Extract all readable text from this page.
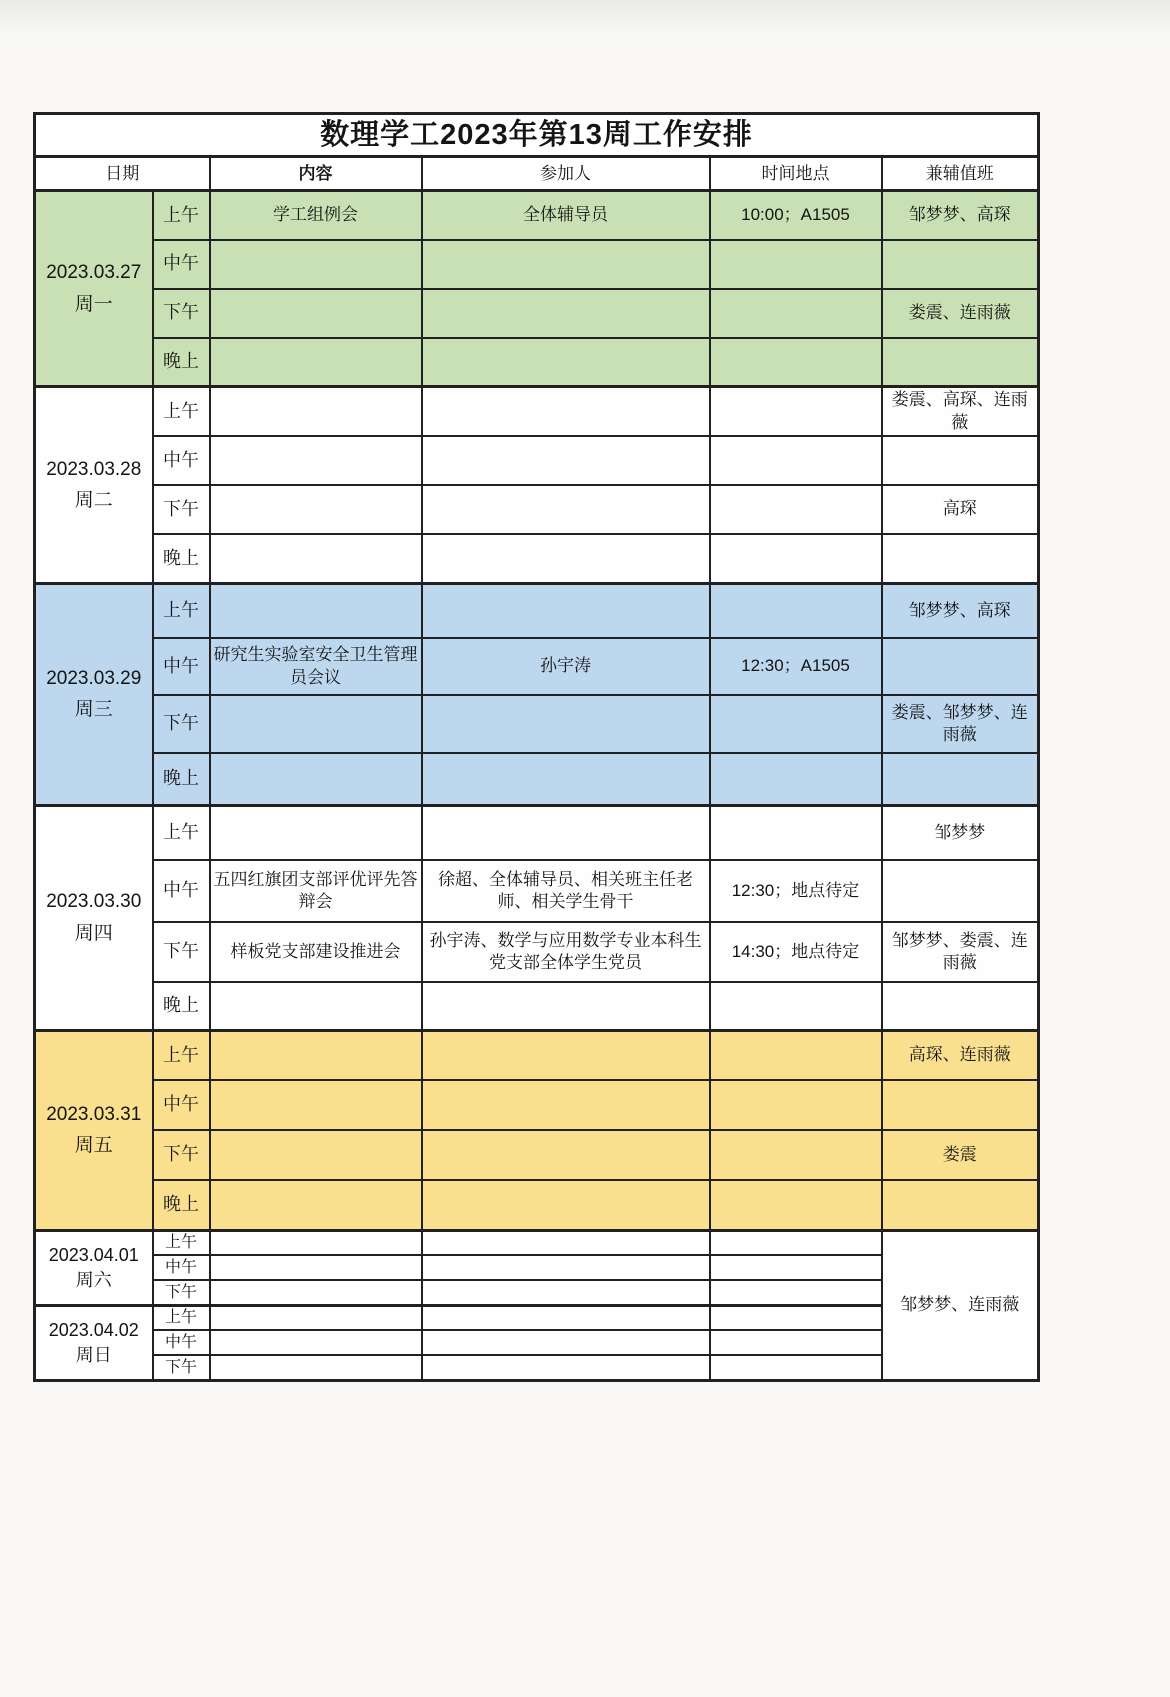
数理学工2023年第13周工作安排					
日期		内容	参加人	时间地点	兼辅值班

2023.03.27
周一	上午	学工组例会	全体辅导员	10:00；A1505	邹梦梦、高琛
	中午				
	下午				娄震、连雨薇
	晚上				

2023.03.28
周二	上午				娄震、高琛、连雨薇
	中午				
	下午				高琛
	晚上				

2023.03.29
周三	上午				邹梦梦、高琛
	中午	研究生实验室安全卫生管理员会议	孙宇涛	12:30；A1505	
	下午				娄震、邹梦梦、连雨薇
	晚上				

2023.03.30
周四	上午				邹梦梦
	中午	五四红旗团支部评优评先答辩会	徐超、全体辅导员、相关班主任老师、相关学生骨干	12:30；地点待定	
	下午	样板党支部建设推进会	孙宇涛、数学与应用数学专业本科生党支部全体学生党员	14:30；地点待定	邹梦梦、娄震、连雨薇
	晚上				

2023.03.31
周五	上午				高琛、连雨薇
	中午				
	下午				娄震
	晚上				

2023.04.01
周六	上午				邹梦梦、连雨薇
	中午				
	下午				

2023.04.02
周日	上午				
	中午				
	下午				
